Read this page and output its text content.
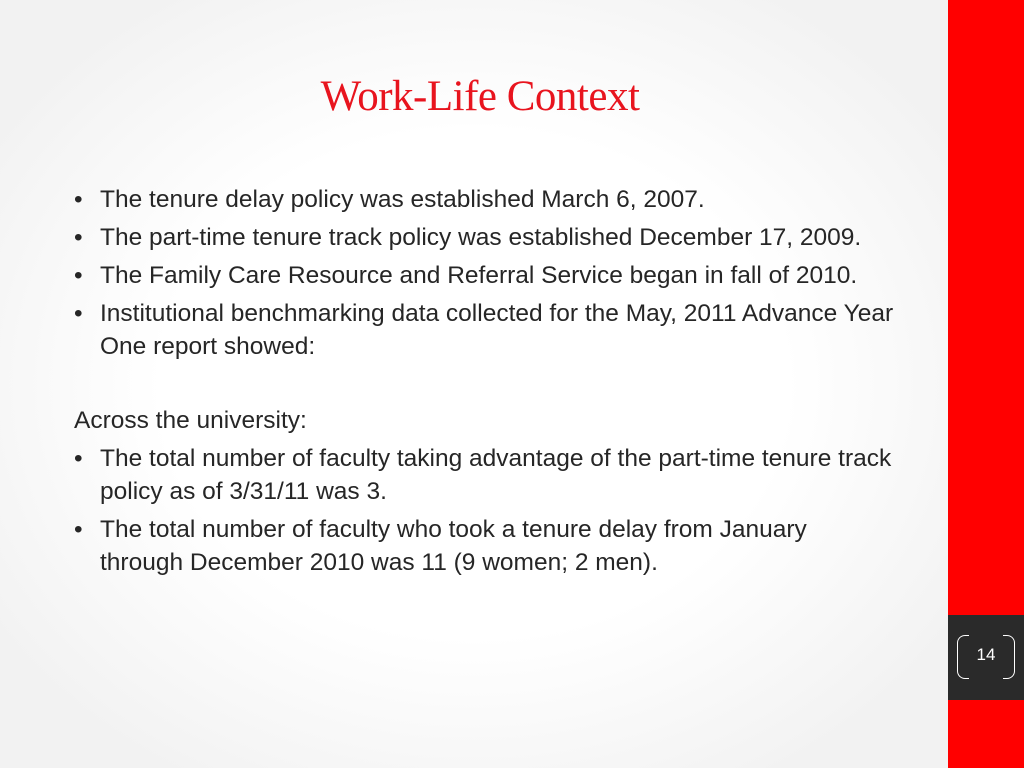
Work-Life Context
• The tenure delay policy was established March 6, 2007.
• The part-time tenure track policy was established December 17, 2009.
• The Family Care Resource and Referral Service began in fall of 2010.
• Institutional benchmarking data collected for the May, 2011 Advance Year One report showed:
Across the university:
• The total number of faculty taking advantage of the part-time tenure track policy as of 3/31/11 was 3.
• The total number of faculty who took a tenure delay from January through December 2010 was 11 (9 women; 2 men).
14
